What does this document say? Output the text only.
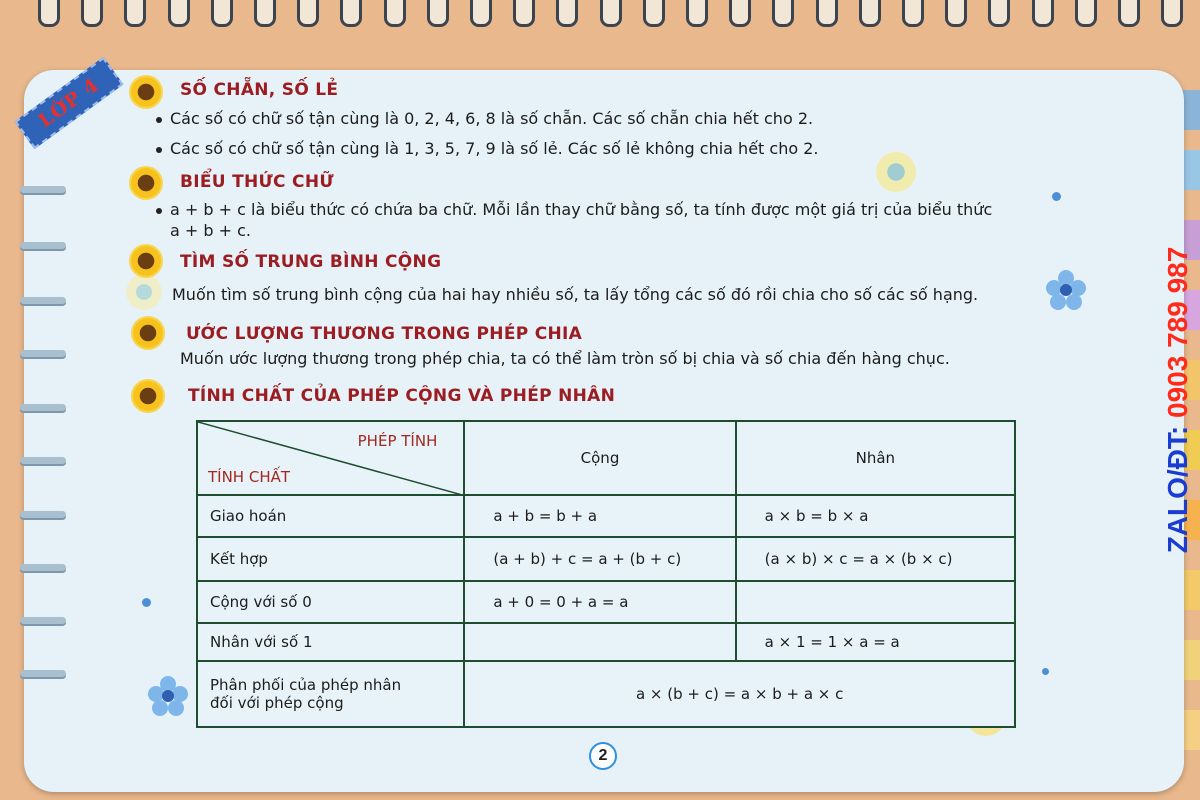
LỚP 4	SỐ CHẴN, SỐ LẺ
Các số có chữ số tận cùng là 0, 2, 4, 6, 8 là số chẵn. Các số chẵn chia hết cho 2.
Các số có chữ số tận cùng là 1, 3, 5, 7, 9 là số lẻ. Các số lẻ không chia hết cho 2.
BIỂU THỨC CHỮ
a + b + c là biểu thức có chứa ba chữ. Mỗi lần thay chữ bằng số, ta tính được một giá trị của biểu thức
a + b + c.
TÌM SỐ TRUNG BÌNH CỘNG
Muốn tìm số trung bình cộng của hai hay nhiều số, ta lấy tổng các số đó rồi chia cho số các số hạng.
ƯỚC LƯỢNG THƯƠNG TRONG PHÉP CHIA
Muốn ước lượng thương trong phép chia, ta có thể làm tròn số bị chia và số chia đến hàng chục.
TÍNH CHẤT CỦA PHÉP CỘNG VÀ PHÉP NHÂN
PHÉP TÍNH
TÍNH CHẤT	Cộng	Nhân
Giao hoán	a + b = b + a	a × b = b × a
Kết hợp	(a + b) + c = a + (b + c)	(a × b) × c = a × (b × c)
Cộng với số 0	a + 0 = 0 + a = a	
Nhân với số 1		a × 1 = 1 × a = a

Phân phối của phép nhân
đối với phép cộng	a × (b + c) = a × b + a × c	
2
ZALO/ĐT: 0903 789 987
